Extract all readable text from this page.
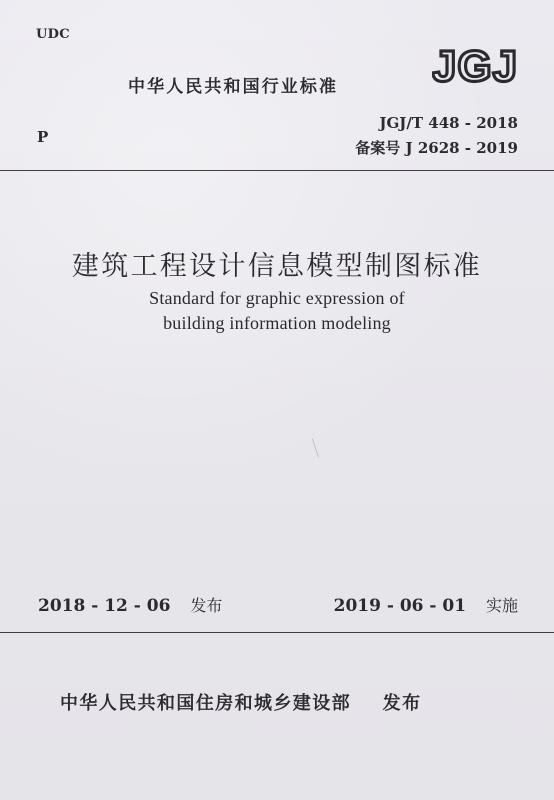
UDC
中华人民共和国行业标准 JGJ
P
JGJ/T 448 - 2018
备案号 J 2628 - 2019
建筑工程设计信息模型制图标准
Standard for graphic expression of
building information modeling
2018 - 12 - 06 发布	2019 - 06 - 01 实施
中华人民共和国住房和城乡建设部 发布
